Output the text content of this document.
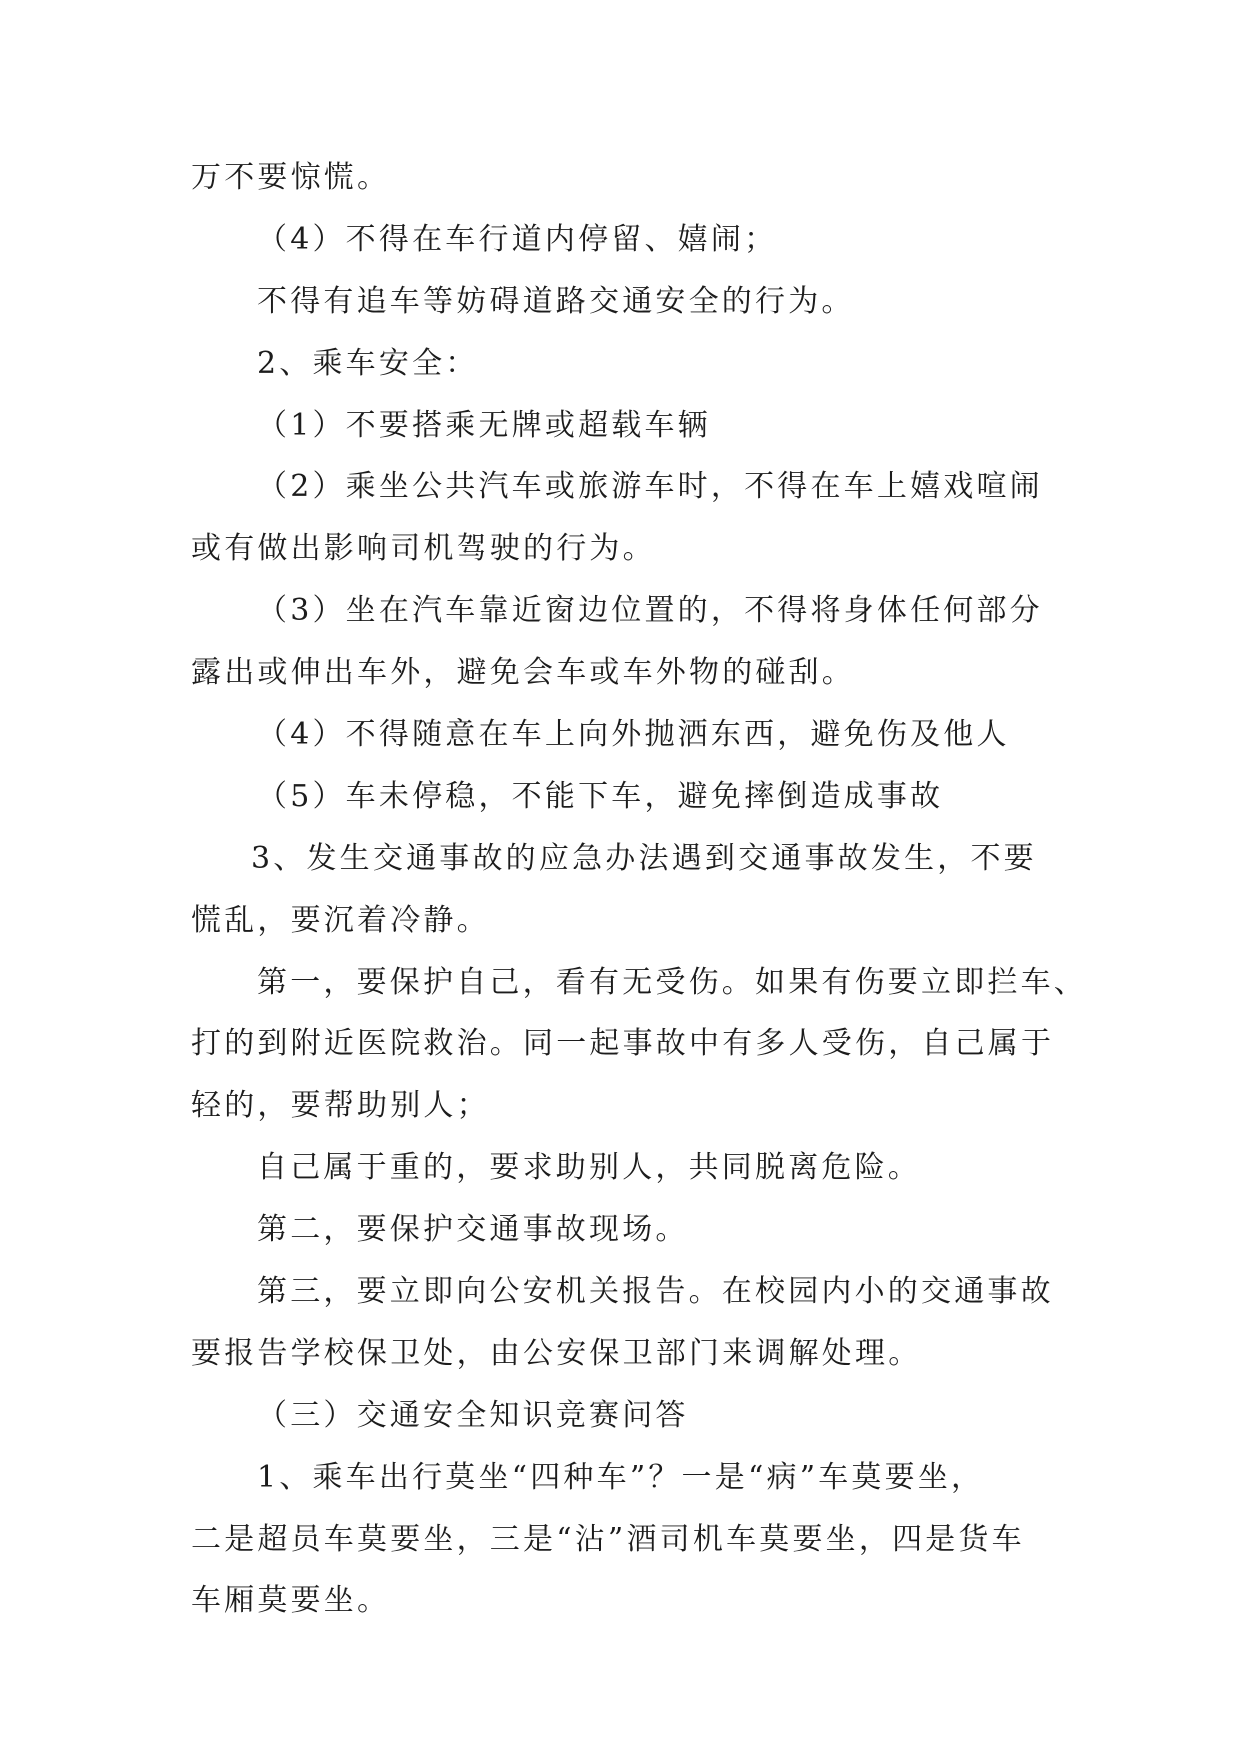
万不要惊慌。
（4）不得在车行道内停留、嬉闹；
不得有追车等妨碍道路交通安全的行为。
2、乘车安全：
（1）不要搭乘无牌或超载车辆
（2）乘坐公共汽车或旅游车时，不得在车上嬉戏喧闹
或有做出影响司机驾驶的行为。
（3）坐在汽车靠近窗边位置的，不得将身体任何部分
露出或伸出车外，避免会车或车外物的碰刮。
（4）不得随意在车上向外抛洒东西，避免伤及他人
（5）车未停稳，不能下车，避免摔倒造成事故
3、发生交通事故的应急办法遇到交通事故发生，不要
慌乱，要沉着冷静。
第一，要保护自己，看有无受伤。如果有伤要立即拦车、
打的到附近医院救治。同一起事故中有多人受伤，自己属于
轻的，要帮助别人；
自己属于重的，要求助别人，共同脱离危险。
第二，要保护交通事故现场。
第三，要立即向公安机关报告。在校园内小的交通事故
要报告学校保卫处，由公安保卫部门来调解处理。
（三）交通安全知识竞赛问答
1、乘车出行莫坐“四种车”？一是“病”车莫要坐，
二是超员车莫要坐，三是“沾”酒司机车莫要坐，四是货车
车厢莫要坐。
